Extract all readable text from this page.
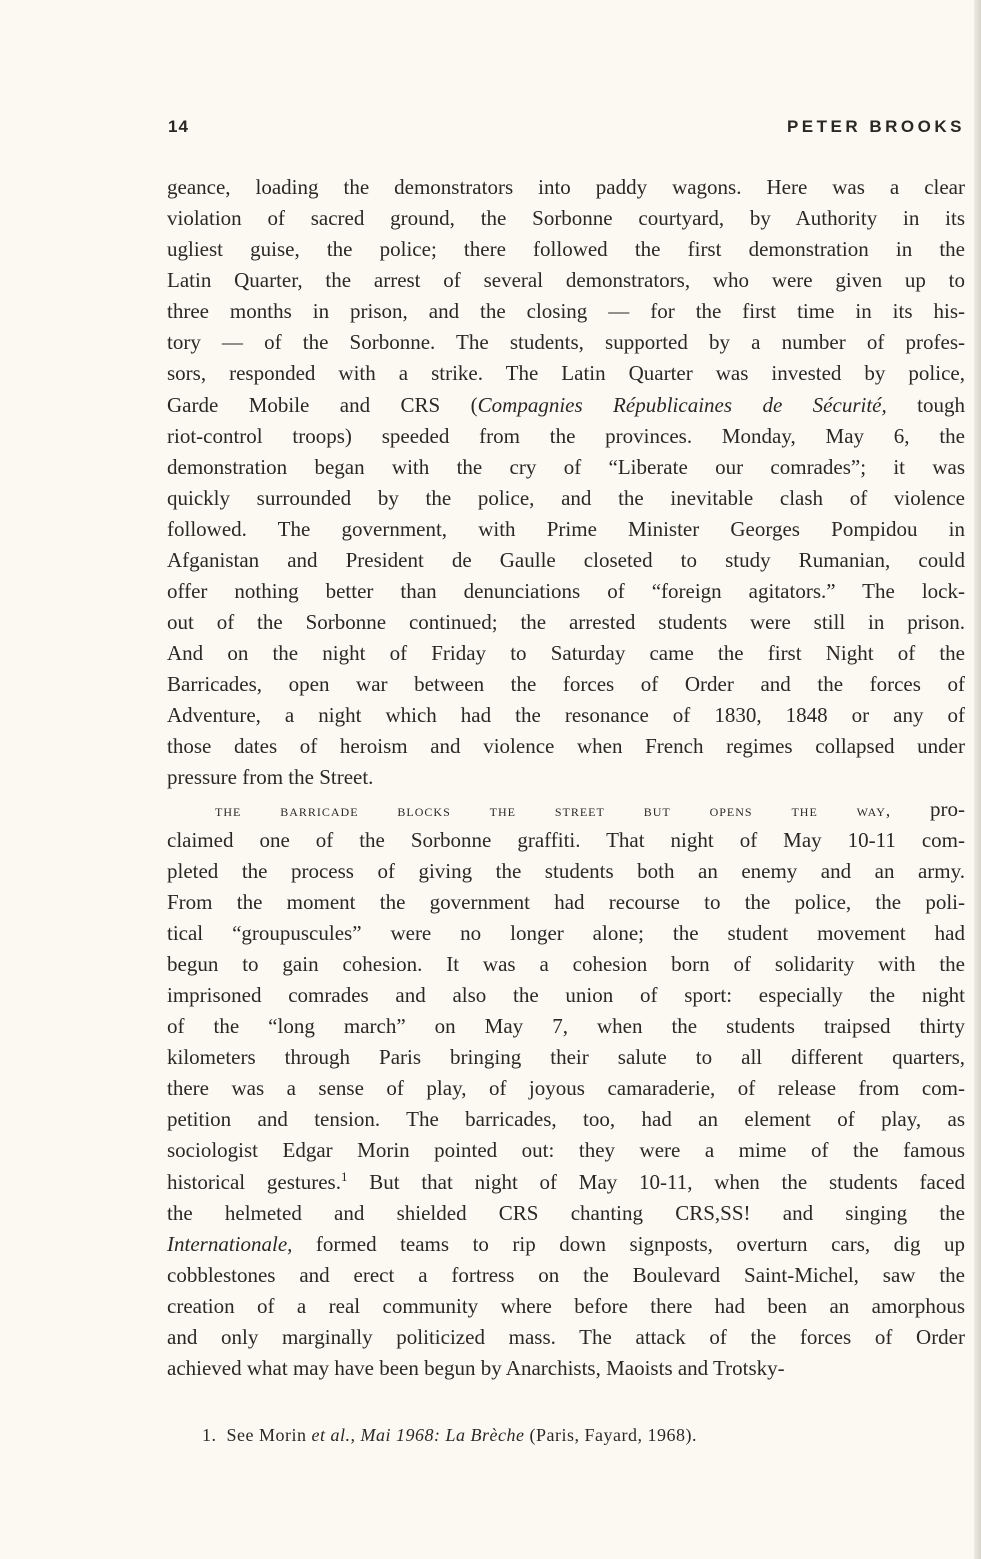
14	PETER BROOKS
geance, loading the demonstrators into paddy wagons. Here was a clear
violation of sacred ground, the Sorbonne courtyard, by Authority in its
ugliest guise, the police; there followed the first demonstration in the
Latin Quarter, the arrest of several demonstrators, who were given up to
three months in prison, and the closing — for the first time in its his-
tory — of the Sorbonne. The students, supported by a number of profes-
sors, responded with a strike. The Latin Quarter was invested by police,
Garde Mobile and CRS (Compagnies Républicaines de Sécurité, tough
riot-control troops) speeded from the provinces. Monday, May 6, the
demonstration began with the cry of “Liberate our comrades”; it was
quickly surrounded by the police, and the inevitable clash of violence
followed. The government, with Prime Minister Georges Pompidou in
Afganistan and President de Gaulle closeted to study Rumanian, could
offer nothing better than denunciations of “foreign agitators.” The lock-
out of the Sorbonne continued; the arrested students were still in prison.
And on the night of Friday to Saturday came the first Night of the
Barricades, open war between the forces of Order and the forces of
Adventure, a night which had the resonance of 1830, 1848 or any of
those dates of heroism and violence when French regimes collapsed under
pressure from the Street.
the barricade blocks the street but opens the way, pro-
claimed one of the Sorbonne graffiti. That night of May 10-11 com-
pleted the process of giving the students both an enemy and an army.
From the moment the government had recourse to the police, the poli-
tical “groupuscules” were no longer alone; the student movement had
begun to gain cohesion. It was a cohesion born of solidarity with the
imprisoned comrades and also the union of sport: especially the night
of the “long march” on May 7, when the students traipsed thirty
kilometers through Paris bringing their salute to all different quarters,
there was a sense of play, of joyous camaraderie, of release from com-
petition and tension. The barricades, too, had an element of play, as
sociologist Edgar Morin pointed out: they were a mime of the famous
historical gestures.$^1$ But that night of May 10-11, when the students faced
the helmeted and shielded CRS chanting CRS,SS! and singing the
Internationale, formed teams to rip down signposts, overturn cars, dig up
cobblestones and erect a fortress on the Boulevard Saint-Michel, saw the
creation of a real community where before there had been an amorphous
and only marginally politicized mass. The attack of the forces of Order
achieved what may have been begun by Anarchists, Maoists and Trotsky-
1.  See Morin et al., Mai 1968: La Brèche (Paris, Fayard, 1968).
